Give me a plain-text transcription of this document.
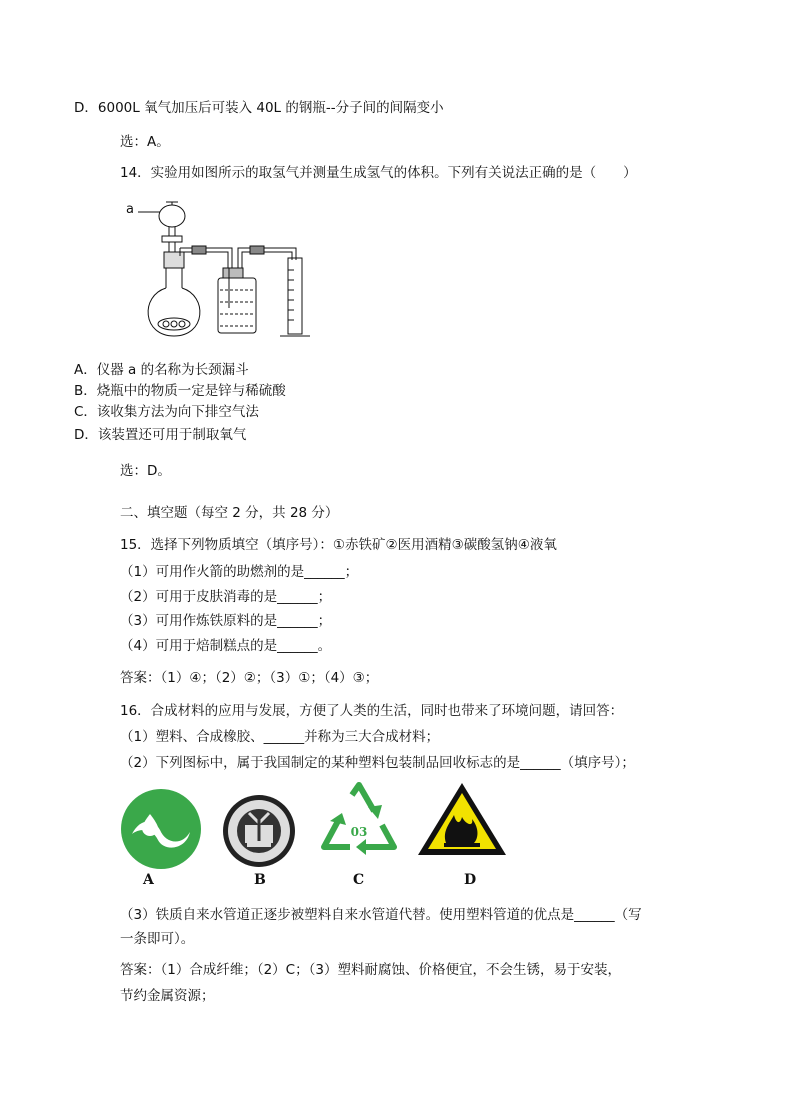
D．6000L 氧气加压后可装入 40L 的钢瓶--分子间的间隔变小
选：A。
14．实验用如图所示的取氢气并测量生成氢气的体积。下列有关说法正确的是（　　）
a
A．仪器 a 的名称为长颈漏斗
B．烧瓶中的物质一定是锌与稀硫酸
C．该收集方法为向下排空气法
D．该装置还可用于制取氧气
选：D。
二、填空题（每空 2 分，共 28 分）
15．选择下列物质填空（填序号）：①赤铁矿②医用酒精③碳酸氢钠④液氧
（1）可用作火箭的助燃剂的是______；
（2）可用于皮肤消毒的是______；
（3）可用作炼铁原料的是______；
（4）可用于焙制糕点的是______。
答案：（1）④；（2）②；（3）①；（4）③；
16．合成材料的应用与发展，方便了人类的生活，同时也带来了环境问题，请回答：
（1）塑料、合成橡胶、______并称为三大合成材料；
（2）下列图标中，属于我国制定的某种塑料包装制品回收标志的是______（填序号）；
A	B
03
C	D
（3）铁质自来水管道正逐步被塑料自来水管道代替。使用塑料管道的优点是______（写
一条即可）。
答案：（1）合成纤维；（2）C；（3）塑料耐腐蚀、价格便宜，不会生锈，易于安装，
节约金属资源；
